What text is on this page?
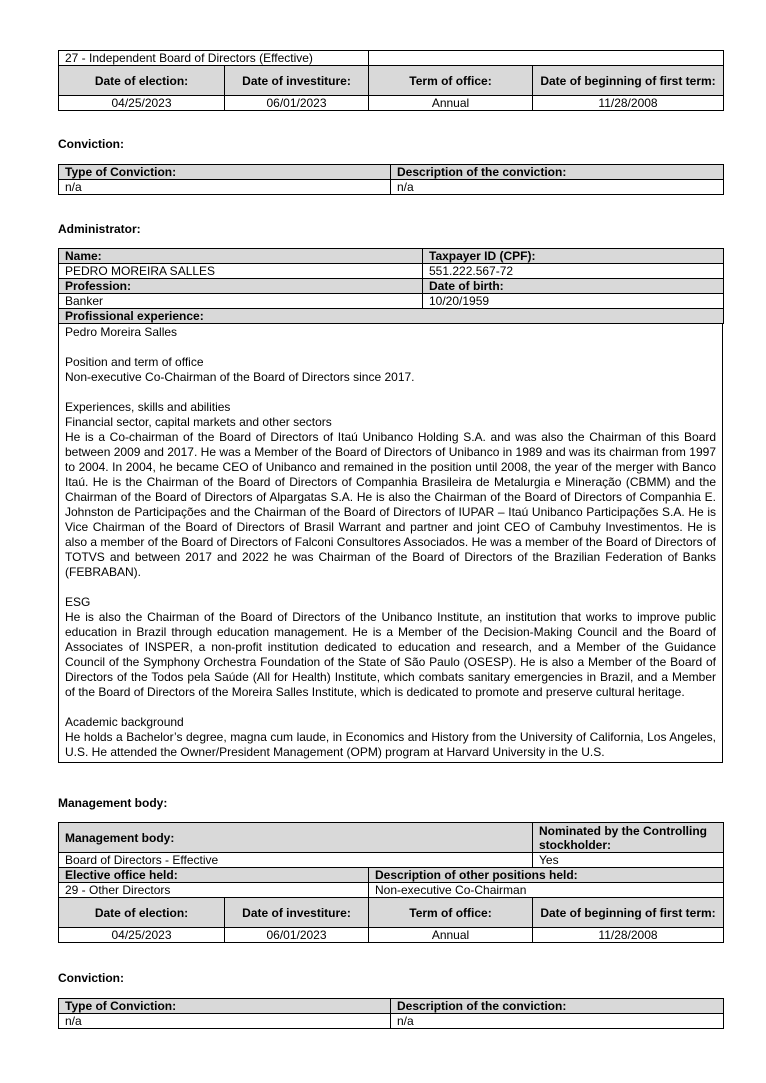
27 - Independent Board of Directors (Effective)			
Date of election:	Date of investiture:	Term of office:	Date of beginning of first term:
04/25/2023	06/01/2023	Annual	11/28/2008
Conviction:
Type of Conviction:	Description of the conviction:
n/a	n/a
Administrator:
Name:	Taxpayer ID (CPF):
PEDRO MOREIRA SALLES	551.222.567-72
Profession:	Date of birth:
Banker	10/20/1959
Profissional experience:	

Pedro Moreira Salles

Position and term of office
Non-executive Co-Chairman of the Board of Directors since 2017.

Experiences, skills and abilities
Financial sector, capital markets and other sectors
He is a Co-chairman of the Board of Directors of Itaú Unibanco Holding S.A. and was also the Chairman of this Board between 2009 and 2017. He was a Member of the Board of Directors of Unibanco in 1989 and was its chairman from 1997 to 2004. In 2004, he became CEO of Unibanco and remained in the position until 2008, the year of the merger with Banco Itaú. He is the Chairman of the Board of Directors of Companhia Brasileira de Metalurgia e Mineração (CBMM) and the Chairman of the Board of Directors of Alpargatas S.A. He is also the Chairman of the Board of Directors of Companhia E. Johnston de Participações and the Chairman of the Board of Directors of IUPAR – Itaú Unibanco Participações S.A. He is Vice Chairman of the Board of Directors of Brasil Warrant and partner and joint CEO of Cambuhy Investimentos. He is also a member of the Board of Directors of Falconi Consultores Associados. He was a member of the Board of Directors of TOTVS and between 2017 and 2022 he was Chairman of the Board of Directors of the Brazilian Federation of Banks (FEBRABAN).

ESG
He is also the Chairman of the Board of Directors of the Unibanco Institute, an institution that works to improve public education in Brazil through education management. He is a Member of the Decision-Making Council and the Board of Associates of INSPER, a non-profit institution dedicated to education and research, and a Member of the Guidance Council of the Symphony Orchestra Foundation of the State of São Paulo (OSESP). He is also a Member of the Board of Directors of the Todos pela Saúde (All for Health) Institute, which combats sanitary emergencies in Brazil, and a Member of the Board of Directors of the Moreira Salles Institute, which is dedicated to promote and preserve cultural heritage.

Academic background
He holds a Bachelor’s degree, magna cum laude, in Economics and History from the University of California, Los Angeles, U.S. He attended the Owner/President Management (OPM) program at Harvard University in the U.S.

Management body:
Management body:			Nominated by the Controlling stockholder:
Board of Directors - Effective			Yes
Elective office held:		Description of other positions held:	
29 - Other Directors		Non-executive Co-Chairman	
Date of election:	Date of investiture:	Term of office:	Date of beginning of first term:
04/25/2023	06/01/2023	Annual	11/28/2008
Conviction:
Type of Conviction:	Description of the conviction:
n/a	n/a
